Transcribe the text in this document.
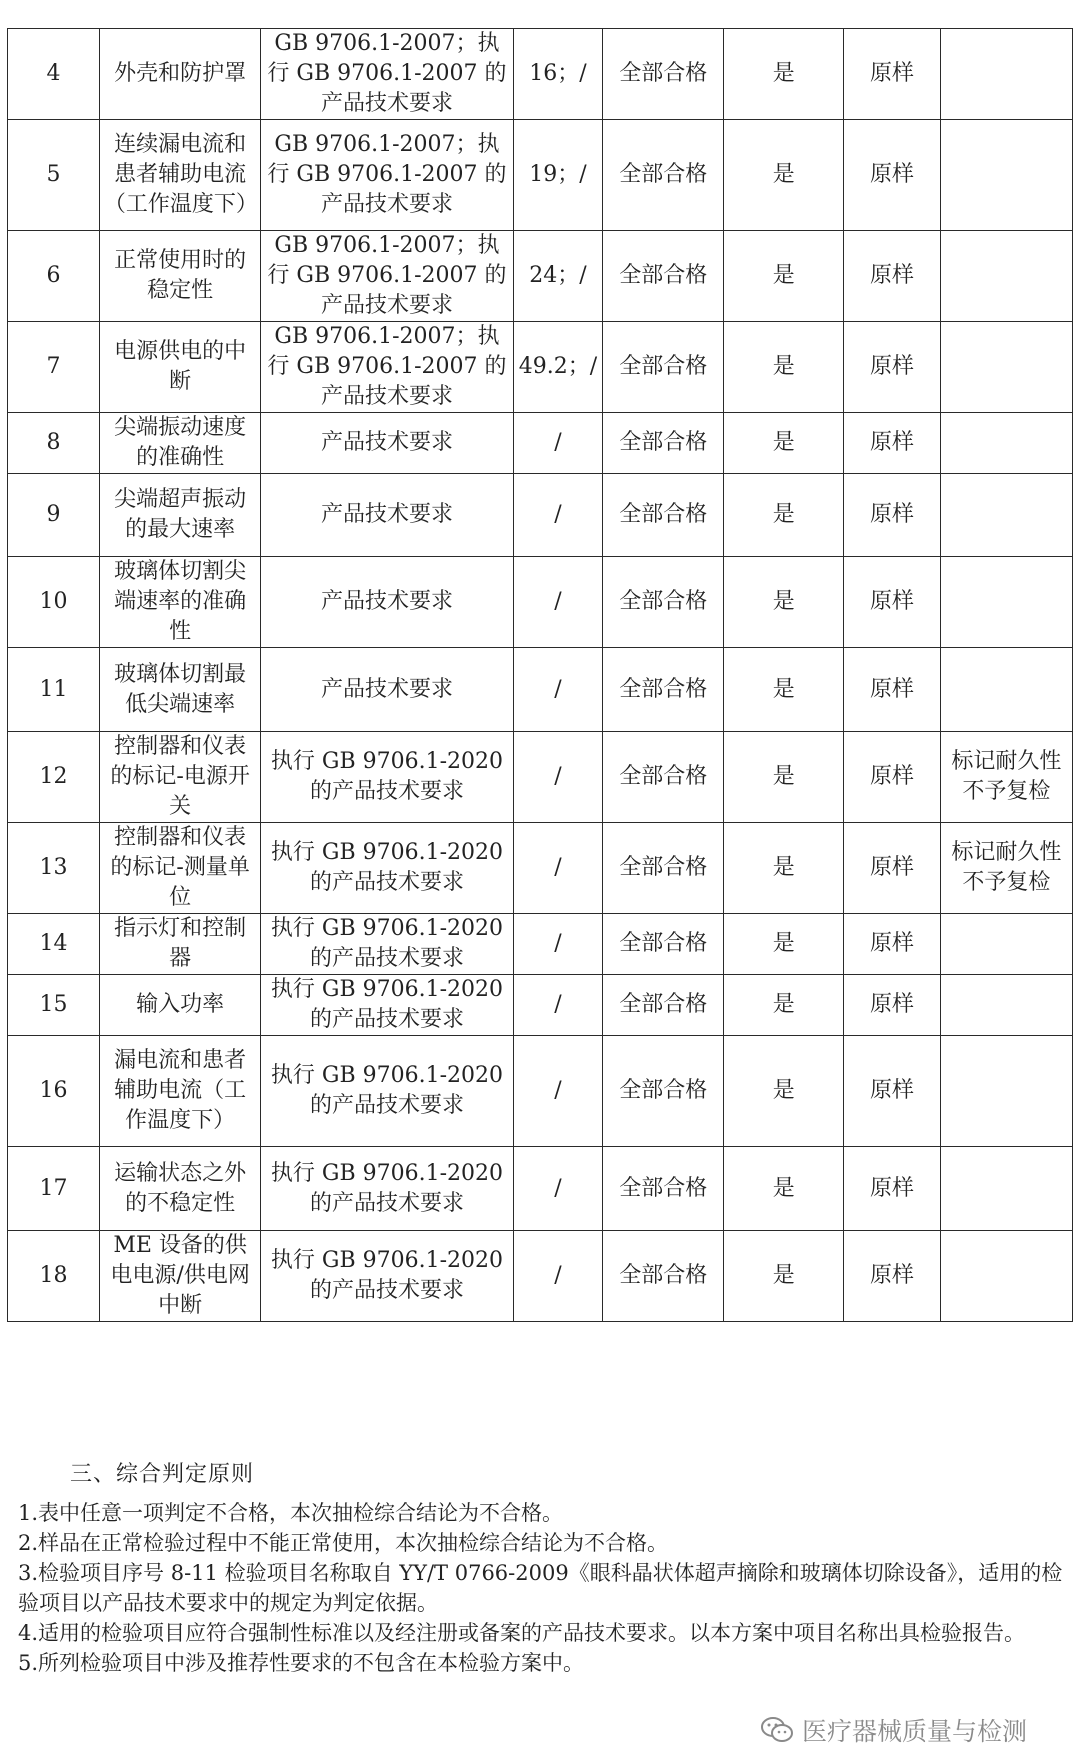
4	外壳和防护罩	GB 9706.1-2007；执行 GB 9706.1-2007 的产品技术要求	16；/	全部合格	是	原样	
5	连续漏电流和患者辅助电流（工作温度下）	GB 9706.1-2007；执行 GB 9706.1-2007 的产品技术要求	19；/	全部合格	是	原样	
6	正常使用时的稳定性	GB 9706.1-2007；执行 GB 9706.1-2007 的产品技术要求	24；/	全部合格	是	原样	
7	电源供电的中断	GB 9706.1-2007；执行 GB 9706.1-2007 的产品技术要求	49.2；/	全部合格	是	原样	
8	尖端振动速度的准确性	产品技术要求	/	全部合格	是	原样	
9	尖端超声振动的最大速率	产品技术要求	/	全部合格	是	原样	
10	玻璃体切割尖端速率的准确性	产品技术要求	/	全部合格	是	原样	
11	玻璃体切割最低尖端速率	产品技术要求	/	全部合格	是	原样	
12	控制器和仪表的标记-电源开关	执行 GB 9706.1-2020 的产品技术要求	/	全部合格	是	原样	标记耐久性不予复检
13	控制器和仪表的标记-测量单位	执行 GB 9706.1-2020 的产品技术要求	/	全部合格	是	原样	标记耐久性不予复检
14	指示灯和控制器	执行 GB 9706.1-2020 的产品技术要求	/	全部合格	是	原样	
15	输入功率	执行 GB 9706.1-2020 的产品技术要求	/	全部合格	是	原样	
16	漏电流和患者辅助电流（工作温度下）	执行 GB 9706.1-2020 的产品技术要求	/	全部合格	是	原样	
17	运输状态之外的不稳定性	执行 GB 9706.1-2020 的产品技术要求	/	全部合格	是	原样	
18	ME 设备的供电电源/供电网中断	执行 GB 9706.1-2020 的产品技术要求	/	全部合格	是	原样	

三、综合判定原则

1.表中任意一项判定不合格，本次抽检综合结论为不合格。

2.样品在正常检验过程中不能正常使用，本次抽检综合结论为不合格。

3.检验项目序号 8-11 检验项目名称取自 YY/T 0766-2009《眼科晶状体超声摘除和玻璃体切除设备》，适用的检验项目以产品技术要求中的规定为判定依据。

4.适用的检验项目应符合强制性标准以及经注册或备案的产品技术要求。以本方案中项目名称出具检验报告。

5.所列检验项目中涉及推荐性要求的不包含在本检验方案中。

医疗器械质量与检测
